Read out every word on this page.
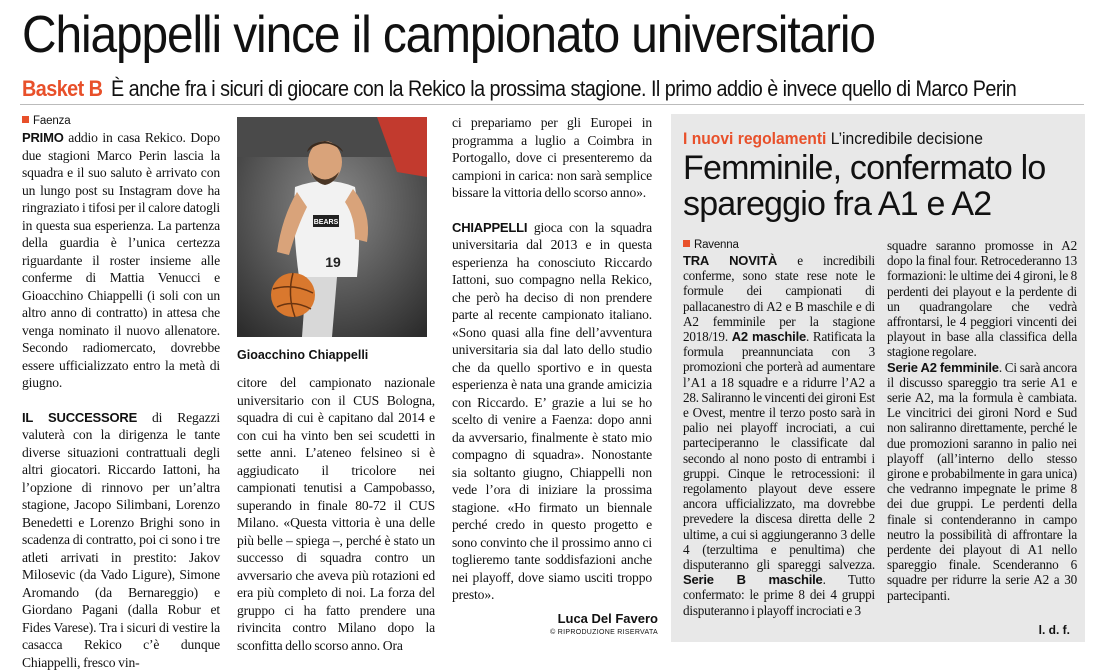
Chiappelli vince il campionato universitario
Basket B È anche fra i sicuri di giocare con la Rekico la prossima stagione. Il primo addio è invece quello di Marco Perin
Faenza

PRIMO addio in casa Rekico. Dopo due stagioni Marco Perin lascia la squadra e il suo saluto è arrivato con un lungo post su Instagram dove ha ringraziato i tifosi per il calore datogli in questa sua esperienza. La partenza della guardia è l’unica certezza riguardante il roster insieme alle conferme di Mattia Venucci e Gioacchino Chiappelli (i soli con un altro anno di contratto) in attesa che venga nominato il nuovo allenatore. Secondo radiomercato, dovrebbe essere ufficializzato entro la metà di giugno.

IL SUCCESSORE di Regazzi valuterà con la dirigenza le tante diverse situazioni contrattuali degli altri giocatori. Riccardo Iattoni, ha l’opzione di rinnovo per un’altra stagione, Jacopo Silimbani, Lorenzo Benedetti e Lorenzo Brighi sono in scadenza di contratto, poi ci sono i tre atleti arrivati in prestito: Jakov Milosevic (da Vado Ligure), Simone Aromando (da Bernareggio) e Giordano Pagani (dalla Robur et Fides Varese). Tra i sicuri di vestire la casacca Rekico c’è dunque Chiappelli, fresco vin-

BEARS
19
Gioacchino Chiappelli

citore del campionato nazionale universitario con il CUS Bologna, squadra di cui è capitano dal 2014 e con cui ha vinto ben sei scudetti in sette anni. L’ateneo felsineo si è aggiudicato il tricolore nei campionati tenutisi a Campobasso, superando in finale 80-72 il CUS Milano. «Questa vittoria è una delle più belle – spiega –, perché è stato un successo di squadra contro un avversario che aveva più rotazioni ed era più completo di noi. La forza del gruppo ci ha fatto prendere una rivincita contro Milano dopo la sconfitta dello scorso anno. Ora

ci prepariamo per gli Europei in programma a luglio a Coimbra in Portogallo, dove ci presenteremo da campioni in carica: non sarà semplice bissare la vittoria dello scorso anno».

CHIAPPELLI gioca con la squadra universitaria dal 2013 e in questa esperienza ha conosciuto Riccardo Iattoni, suo compagno nella Rekico, che però ha deciso di non prendere parte al recente campionato italiano. «Sono quasi alla fine dell’avventura universitaria sia dal lato dello studio che da quello sportivo e in questa esperienza è nata una grande amicizia con Riccardo. E’ grazie a lui se ho scelto di venire a Faenza: dopo anni da avversario, finalmente è stato mio compagno di squadra». Nonostante sia soltanto giugno, Chiappelli non vede l’ora di iniziare la prossima stagione. «Ho firmato un biennale perché credo in questo progetto e sono convinto che il prossimo anno ci toglieremo tante soddisfazioni anche nei playoff, dove siamo usciti troppo presto».

Luca Del Favero
© RIPRODUZIONE RISERVATA
I nuovi regolamenti L’incredibile decisione
Femminile, confermato lo spareggio fra A1 e A2
Ravenna

TRA NOVITÀ e incredibili conferme, sono state rese note le formule dei campionati di pallacanestro di A2 e B maschile e di A2 femminile per la stagione 2018/19. A2 maschile. Ratificata la formula preannunciata con 3 promozioni che porterà ad aumentare l’A1 a 18 squadre e a ridurre l’A2 a 28. Saliranno le vincenti dei gironi Est e Ovest, mentre il terzo posto sarà in palio nei playoff incrociati, a cui parteciperanno le classificate dal secondo al nono posto di entrambi i gruppi. Cinque le retrocessioni: il regolamento playout deve essere ancora ufficializzato, ma dovrebbe prevedere la discesa diretta delle 2 ultime, a cui si aggiungeranno 3 delle 4 (terzultima e penultima) che disputeranno gli spareggi salvezza. Serie B maschile. Tutto confermato: le prime 8 dei 4 gruppi disputeranno i playoff incrociati e 3

squadre saranno promosse in A2 dopo la final four. Retrocederanno 13 formazioni: le ultime dei 4 gironi, le 8 perdenti dei playout e la perdente di un quadrangolare che vedrà affrontarsi, le 4 peggiori vincenti dei playout in base alla classifica della stagione regolare.

Serie A2 femminile. Ci sarà ancora il discusso spareggio tra serie A1 e serie A2, ma la formula è cambiata. Le vincitrici dei gironi Nord e Sud non saliranno direttamente, perché le due promozioni saranno in palio nei playoff (all’interno dello stesso girone e probabilmente in gara unica) che vedranno impegnate le prime 8 dei due gruppi. Le perdenti della finale si contenderanno in campo neutro la possibilità di affrontare la perdente dei playout di A1 nello spareggio finale. Scenderanno 6 squadre per ridurre la serie A2 a 30 partecipanti.

l. d. f.
